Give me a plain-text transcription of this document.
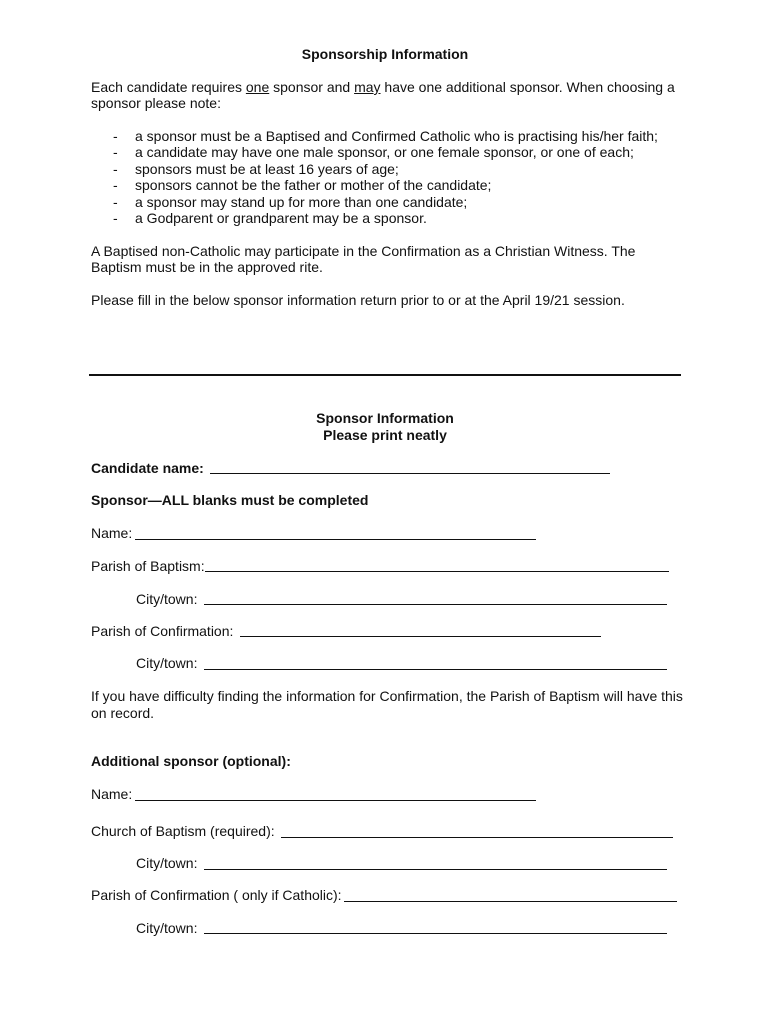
Sponsorship Information
Each candidate requires one sponsor and may have one additional sponsor. When choosing a
sponsor please note:
- a sponsor must be a Baptised and Confirmed Catholic who is practising his/her faith;
- a candidate may have one male sponsor, or one female sponsor, or one of each;
- sponsors must be at least 16 years of age;
- sponsors cannot be the father or mother of the candidate;
- a sponsor may stand up for more than one candidate;
- a Godparent or grandparent may be a sponsor.
A Baptised non-Catholic may participate in the Confirmation as a Christian Witness. The
Baptism must be in the approved rite.
Please fill in the below sponsor information return prior to or at the April 19/21 session.
Sponsor Information
Please print neatly
Candidate name:
Sponsor—ALL blanks must be completed
Name:
Parish of Baptism:
City/town:
Parish of Confirmation:
City/town:
If you have difficulty finding the information for Confirmation, the Parish of Baptism will have this
on record.
Additional sponsor (optional):
Name:
Church of Baptism (required):
City/town:
Parish of Confirmation ( only if Catholic):
City/town:
